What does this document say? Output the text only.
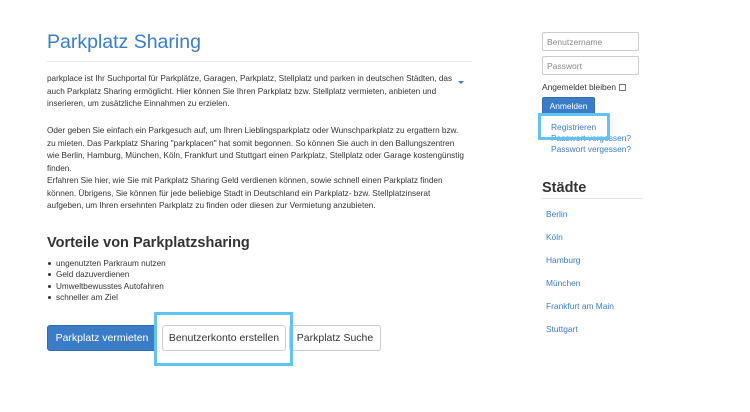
Parkplatz Sharing

parkplace ist Ihr Suchportal für Parkplätze, Garagen, Parkplatz, Stellplatz und parken in deutschen Städten, das auch Parkplatz Sharing ermöglicht. Hier können Sie Ihren Parkplatz bzw. Stellplatz vermieten, anbieten und inserieren, um zusätzliche Einnahmen zu erzielen.

Oder geben Sie einfach ein Parkgesuch auf, um Ihren Lieblingsparkplatz oder Wunschparkplatz zu ergattern bzw. zu mieten. Das Parkplatz Sharing "parkplacen" hat somit begonnen. So können Sie auch in den Ballungszentren wie Berlin, Hamburg, München, Köln, Frankfurt und Stuttgart einen Parkplatz, Stellplatz oder Garage kostengünstig finden.

Erfahren Sie hier, wie Sie mit Parkplatz Sharing Geld verdienen können, sowie schnell einen Parkplatz finden können. Übrigens, Sie können für jede beliebige Stadt in Deutschland ein Parkplatz- bzw. Stellplatzinserat aufgeben, um Ihren ersehnten Parkplatz zu finden oder diesen zur Vermietung anzubieten.

Vorteile von Parkplatzsharing
ungenutzten Parkraum nutzen
Geld dazuverdienen
Umweltbewusstes Autofahren
schneller am Ziel
Parkplatz vermieten	Benutzerkonto erstellen	Parkplatz Suche
Benutzername
Angemeldet bleiben
Anmelden
Registrieren
Passwort vergessen?
Passwort vergessen?
Städte
Berlin
Köln
Hamburg
München
Frankfurt am Main
Stuttgart
